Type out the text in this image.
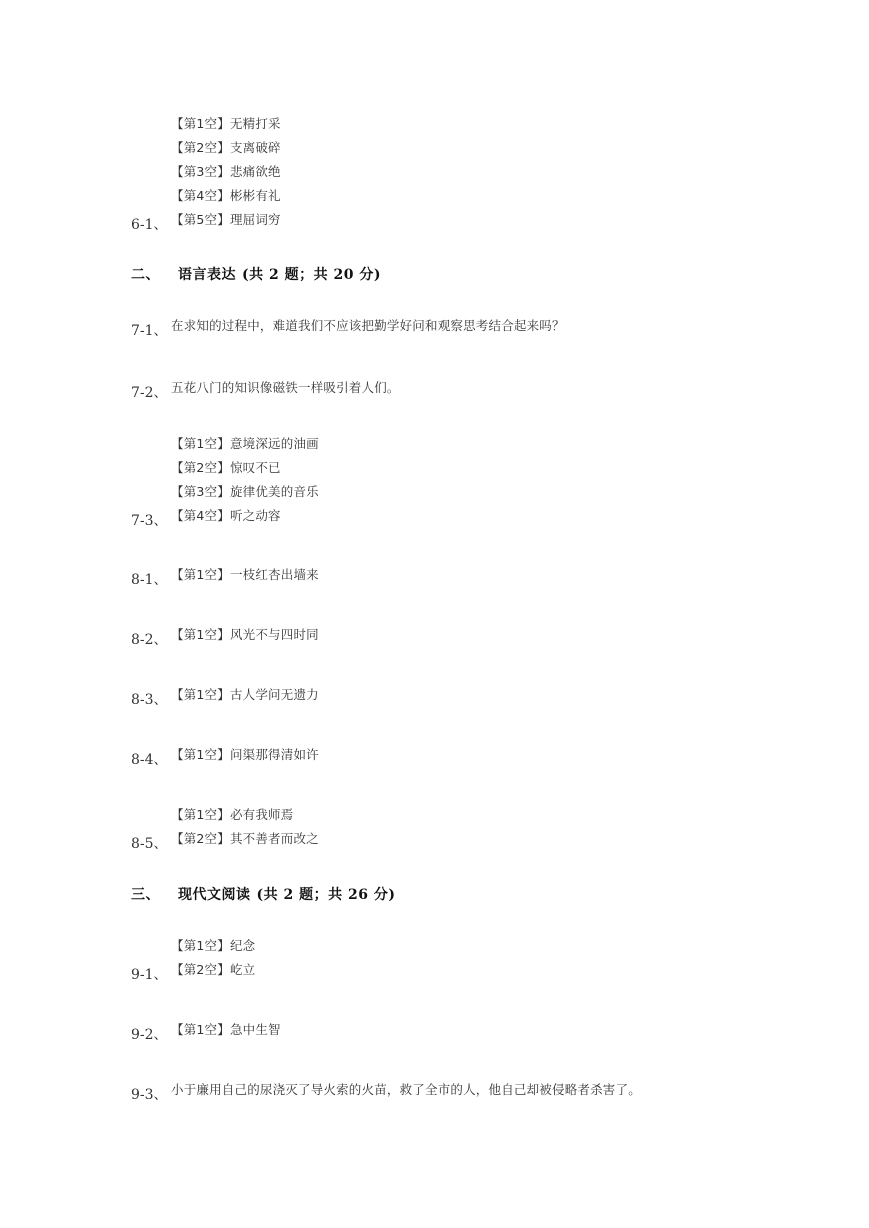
6-1、
【第1空】无精打采
【第2空】支离破碎
【第3空】悲痛欲绝
【第4空】彬彬有礼
【第5空】理屈词穷
二、 语言表达 (共 2 题；共 20 分)
7-1、 在求知的过程中，难道我们不应该把勤学好问和观察思考结合起来吗？
7-2、 五花八门的知识像磁铁一样吸引着人们。
7-3、
【第1空】意境深远的油画
【第2空】惊叹不已
【第3空】旋律优美的音乐
【第4空】听之动容
8-1、 【第1空】一枝红杏出墙来
8-2、 【第1空】风光不与四时同
8-3、 【第1空】古人学问无遗力
8-4、 【第1空】问渠那得清如许
8-5、
【第1空】必有我师焉
【第2空】其不善者而改之
三、 现代文阅读 (共 2 题；共 26 分)
9-1、
【第1空】纪念
【第2空】屹立
9-2、 【第1空】急中生智
9-3、 小于廉用自己的尿浇灭了导火索的火苗，救了全市的人，他自己却被侵略者杀害了。
